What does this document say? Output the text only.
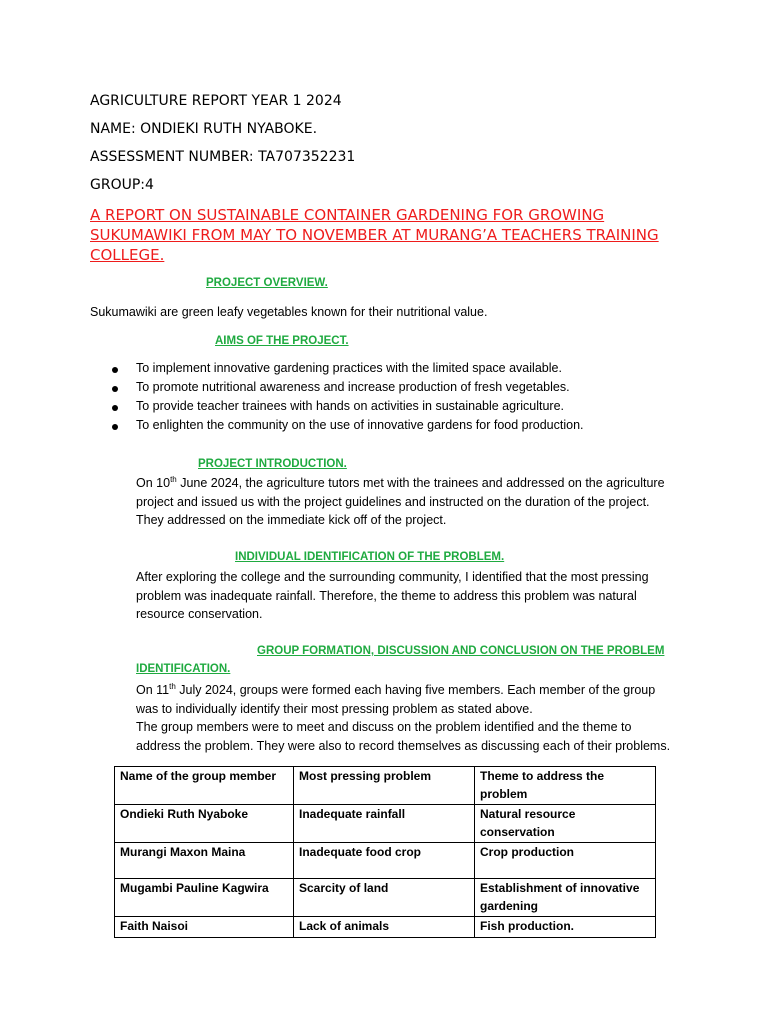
AGRICULTURE REPORT YEAR 1 2024
NAME: ONDIEKI RUTH NYABOKE.
ASSESSMENT NUMBER: TA707352231
GROUP:4
A REPORT ON SUSTAINABLE CONTAINER GARDENING FOR GROWING SUKUMAWIKI FROM MAY TO NOVEMBER AT MURANG’A TEACHERS TRAINING COLLEGE.
PROJECT OVERVIEW.
Sukumawiki are green leafy vegetables known for their nutritional value.
AIMS OF THE PROJECT.
To implement innovative gardening practices with the limited space available.
To promote nutritional awareness and increase production of fresh vegetables.
To provide teacher trainees with hands on activities in sustainable agriculture.
To enlighten the community on the use of innovative gardens for food production.
PROJECT INTRODUCTION.
On 10th June 2024, the agriculture tutors met with the trainees and addressed on the agriculture
project and issued us with the project guidelines and instructed on the duration of the project.
They addressed on the immediate kick off of the project.
INDIVIDUAL IDENTIFICATION OF THE PROBLEM.
After exploring the college and the surrounding community, I identified that the most pressing
problem was inadequate rainfall. Therefore, the theme to address this problem was natural
resource conservation.
GROUP FORMATION, DISCUSSION AND CONCLUSION ON THE PROBLEM
IDENTIFICATION.
On 11th July 2024, groups were formed each having five members. Each member of the group
was to individually identify their most pressing problem as stated above.
The group members were to meet and discuss on the problem identified and the theme to
address the problem. They were also to record themselves as discussing each of their problems.
Name of the group member	Most pressing problem	Theme to address the problem
Ondieki Ruth Nyaboke	Inadequate rainfall	Natural resource conservation
Murangi Maxon Maina	Inadequate food crop	Crop production
Mugambi Pauline Kagwira	Scarcity of land	Establishment of innovative gardening
Faith Naisoi	Lack of animals	Fish production.
